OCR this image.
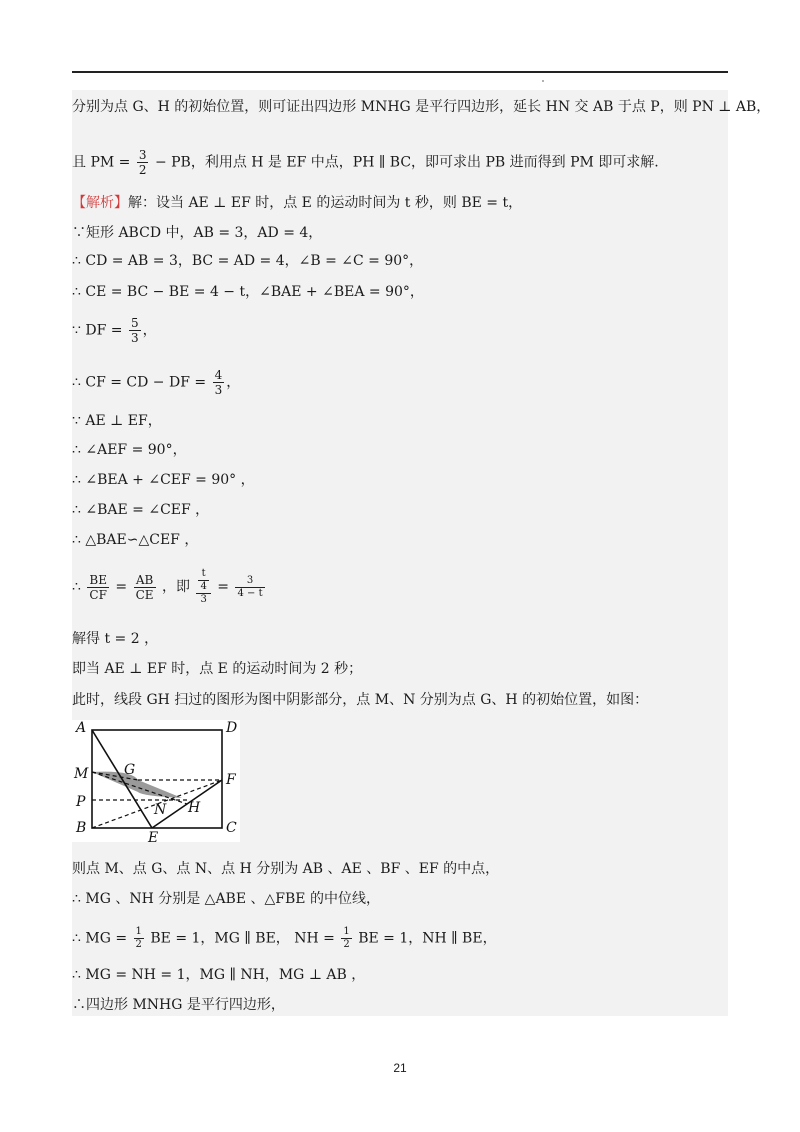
分别为点 G、H 的初始位置，则可证出四边形 MNHG 是平行四边形，延长 HN 交 AB 于点 P，则 PN ⊥ AB，
且 PM = $\frac{3}{2}$ − PB，利用点 H 是 EF 中点，PH ∥ BC，即可求出 PB 进而得到 PM 即可求解.
【解析】解：设当 AE ⊥ EF 时，点 E 的运动时间为 t 秒，则 BE = t，
∵矩形 ABCD 中，AB = 3，AD = 4，
∴ CD = AB = 3，BC = AD = 4，∠B = ∠C = 90°，
∴ CE = BC − BE = 4 − t，∠BAE + ∠BEA = 90°，
∵ DF = $\frac{5}{3}$ ，
∴ CF = CD − DF = $\frac{4}{3}$ ，
∵ AE ⊥ EF，
∴ ∠AEF = 90°，
∴ ∠BEA + ∠CEF = 90° ，
∴ ∠BAE = ∠CEF ，
∴ △BAE∽△CEF ，
∴ $\frac{BE}{CF} = \frac{AB}{CE}$ ，即 $\frac{\frac{t}{4}}{3} = \frac{3}{4 - t}$
解得 t = 2 ，
即当 AE ⊥ EF 时，点 E 的运动时间为 2 秒；
此时，线段 GH 扫过的图形为图中阴影部分，点 M、N 分别为点 G、H 的初始位置，如图：
A	D
G
M	F
P	N H
B
E
C
则点 M、点 G、点 N、点 H 分别为 AB 、AE 、BF 、EF 的中点，
∴ MG 、NH 分别是 △ABE 、△FBE 的中位线，
∴ MG = $\frac{1}{2}$ BE = 1，MG ∥ BE， NH = $\frac{1}{2}$ BE = 1，NH ∥ BE，
∴ MG = NH = 1，MG ∥ NH，MG ⊥ AB ，
∴四边形 MNHG 是平行四边形，
21
